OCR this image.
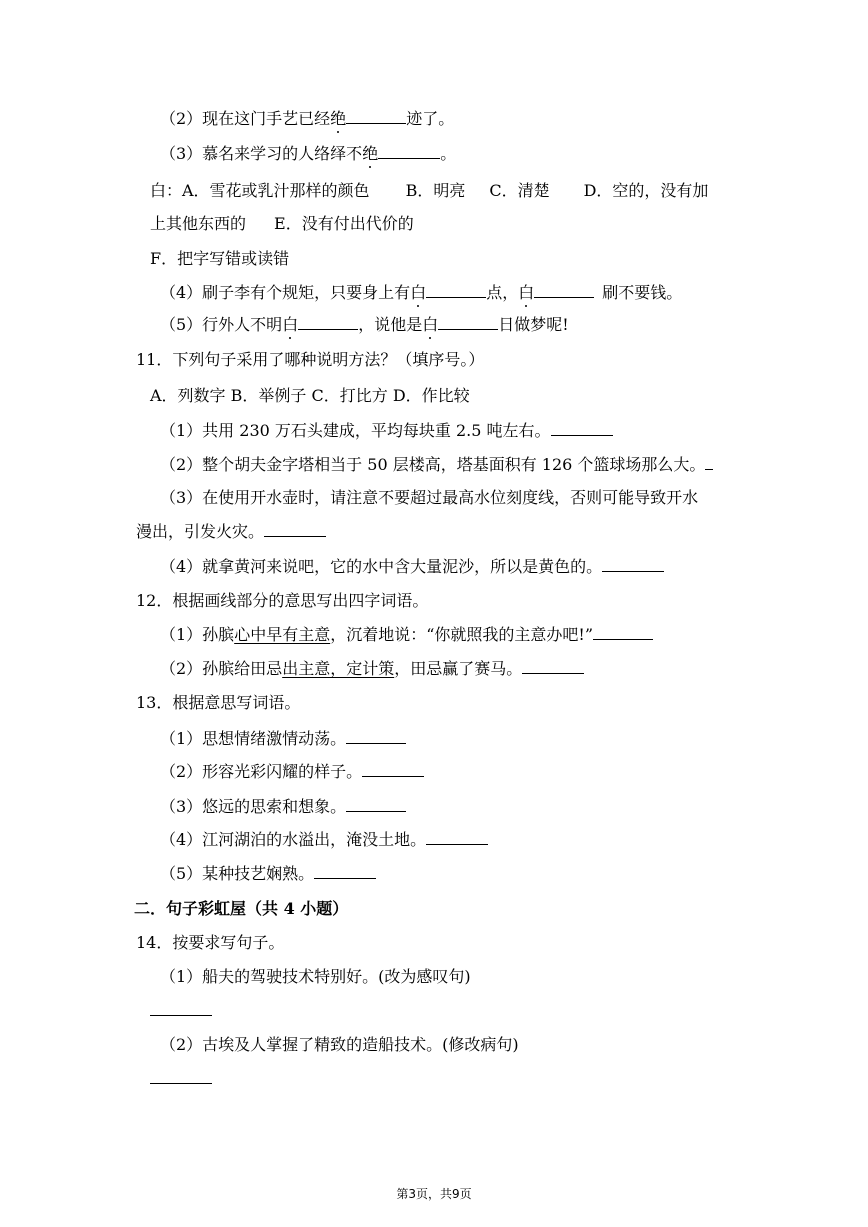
（2）现在这门手艺已经绝	迹了。
（3）慕名来学习的人络绎不绝	。
白：A．雪花或乳汁那样的颜色 B．明亮 C．清楚 D．空的，没有加
上其他东西的 E．没有付出代价的
F．把字写错或读错
（4）刷子李有个规矩，只要身上有白	点，白	刷不要钱。
（5）行外人不明白	，说他是白	日做梦呢!
11．下列句子采用了哪种说明方法？（填序号。）
A．列数字 B．举例子 C．打比方 D．作比较
（1）共用 230 万石头建成，平均每块重 2.5 吨左右。
（2）整个胡夫金字塔相当于 50 层楼高，塔基面积有 126 个篮球场那么大。
（3）在使用开水壶时，请注意不要超过最高水位刻度线，否则可能导致开水
漫出，引发火灾。
（4）就拿黄河来说吧，它的水中含大量泥沙，所以是黄色的。
12．根据画线部分的意思写出四字词语。
（1）孙膑心中早有主意，沉着地说：“你就照我的主意办吧!”
（2）孙膑给田忌出主意，定计策，田忌赢了赛马。
13．根据意思写词语。
（1）思想情绪激情动荡。
（2）形容光彩闪耀的样子。
（3）悠远的思索和想象。
（4）江河湖泊的水溢出，淹没土地。
（5）某种技艺娴熟。
二．句子彩虹屋（共 4 小题）
14．按要求写句子。
（1）船夫的驾驶技术特别好。(改为感叹句)
（2）古埃及人掌握了精致的造船技术。(修改病句)
第3页，共9页
